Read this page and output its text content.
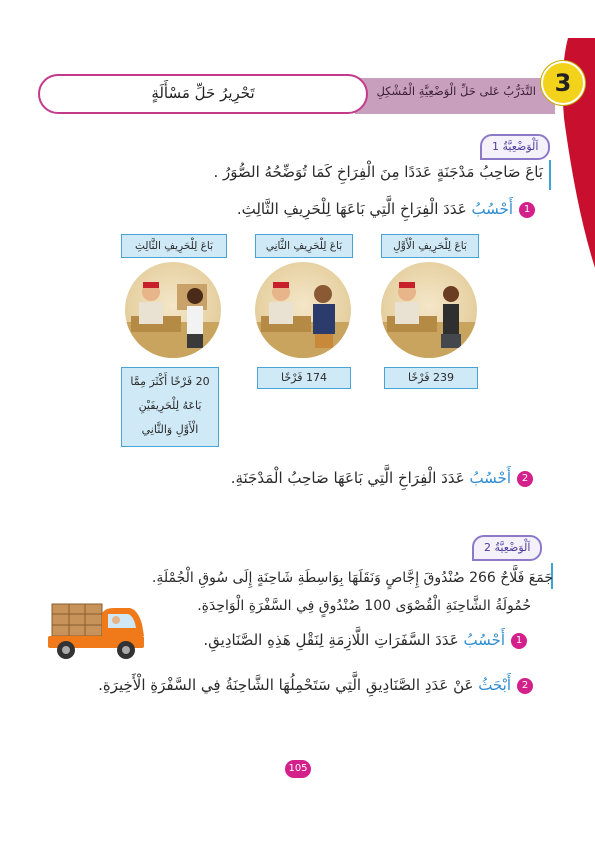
التَّدَرُّبُ عَلى حَلِّ الْوَضْعِيَّةِ الْمُشْكِلِ
تَحْرِيرُ حَلِّ مَسْأَلَةٍ	3
اَلْوَضْعِيَّةُ 1
بَاعَ صَاحِبُ مَدْجَنَةٍ عَدَدًا مِنَ الْفِرَاخِ كَمَا تُوَضِّحُهُ الصُّوَرُ .
1أَحْسُبُ عَدَدَ الْفِرَاخِ الَّتِي بَاعَهَا لِلْحَرِيفِ الثَّالِثِ.
بَاعَ لِلْحَرِيفِ الْأَوَّلِ
بَاعَ لِلْحَرِيفِ الثَّانِي
بَاعَ لِلْحَرِيفِ الثَّالِثِ
239 فَرْخًا
174 فَرْخًا
20 فَرْخًا أَكْثَرَ مِمَّا
بَاعَهُ لِلْحَرِيفَيْنِ
الْأَوَّلِ وَالثَّانِي
2أَحْسُبُ عَدَدَ الْفِرَاخِ الَّتِي بَاعَهَا صَاحِبُ الْمَدْجَنَةِ.
اَلْوَضْعِيَّةُ 2
جَمَعَ فَلَّاحٌ 266 صُنْدُوقَ إِجَّاصٍ وَنَقَلَهَا بِوَاسِطَةِ شَاحِنَةٍ إِلَى سُوقِ الْجُمْلَةِ.
حُمُولَةُ الشَّاحِنَةِ الْقُصْوَى 100 صُنْدُوقٍ فِي السَّفْرَةِ الْوَاحِدَةِ.
1أَحْسُبُ عَدَدَ السَّفَرَاتِ اللَّازِمَةِ لِنَقْلِ هَذِهِ الصَّنَادِيقِ.
2أَبْحَثُ عَنْ عَدَدِ الصَّنَادِيقِ الَّتِي سَتَحْمِلُهَا الشَّاحِنَةُ فِي السَّفْرَةِ الْأَخِيرَةِ.
105
